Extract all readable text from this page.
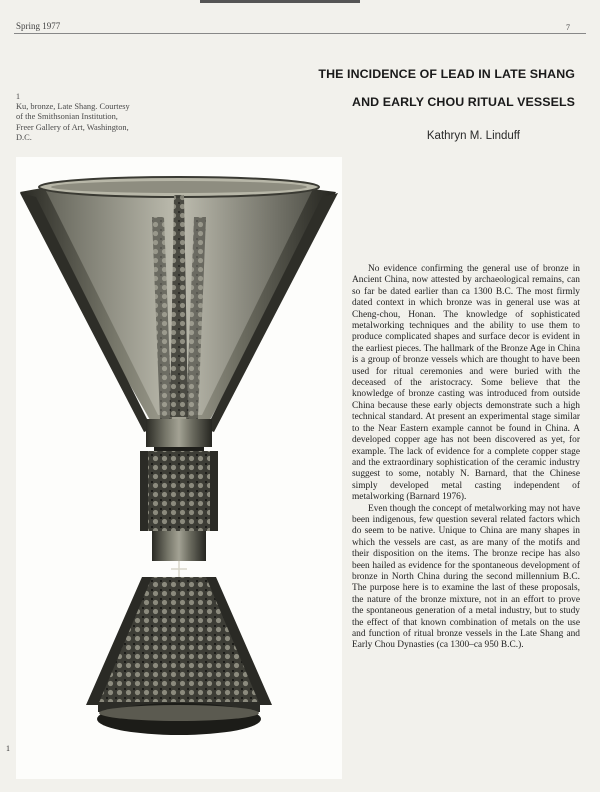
Spring 1977	7
1
Ku, bronze, Late Shang. Courtesy of the Smithsonian Institution, Freer Gallery of Art, Washington, D.C.
THE INCIDENCE OF LEAD IN LATE SHANG
AND EARLY CHOU RITUAL VESSELS
Kathryn M. Linduff
1

No evidence confirming the general use of bronze in Ancient China, now attested by archaeological remains, can so far be dated earlier than ca 1300 B.C. The most firmly dated context in which bronze was in general use was at Cheng-chou, Honan. The knowledge of sophisticated metalworking techniques and the ability to use them to produce complicated shapes and surface decor is evident in the earliest pieces. The hallmark of the Bronze Age in China is a group of bronze vessels which are thought to have been used for ritual ceremonies and were buried with the deceased of the aristocracy. Some believe that the knowledge of bronze casting was introduced from outside China because these early objects demonstrate such a high technical standard. At present an experimental stage similar to the Near Eastern example cannot be found in China. A developed copper age has not been discovered as yet, for example. The lack of evidence for a complete copper stage and the extraordinary sophistication of the ceramic industry suggest to some, notably N. Barnard, that the Chinese simply developed metal casting independent of metalworking (Barnard 1976).

Even though the concept of metalworking may not have been indigenous, few question several related factors which do seem to be native. Unique to China are many shapes in which the vessels are cast, as are many of the motifs and their disposition on the items. The bronze recipe has also been hailed as evidence for the spontaneous development of bronze in North China during the second millennium B.C. The purpose here is to examine the last of these proposals, the nature of the bronze mixture, not in an effort to prove the spontaneous generation of a metal industry, but to study the effect of that known combination of metals on the use and function of ritual bronze vessels in the Late Shang and Early Chou Dynasties (ca 1300–ca 950 B.C.).
